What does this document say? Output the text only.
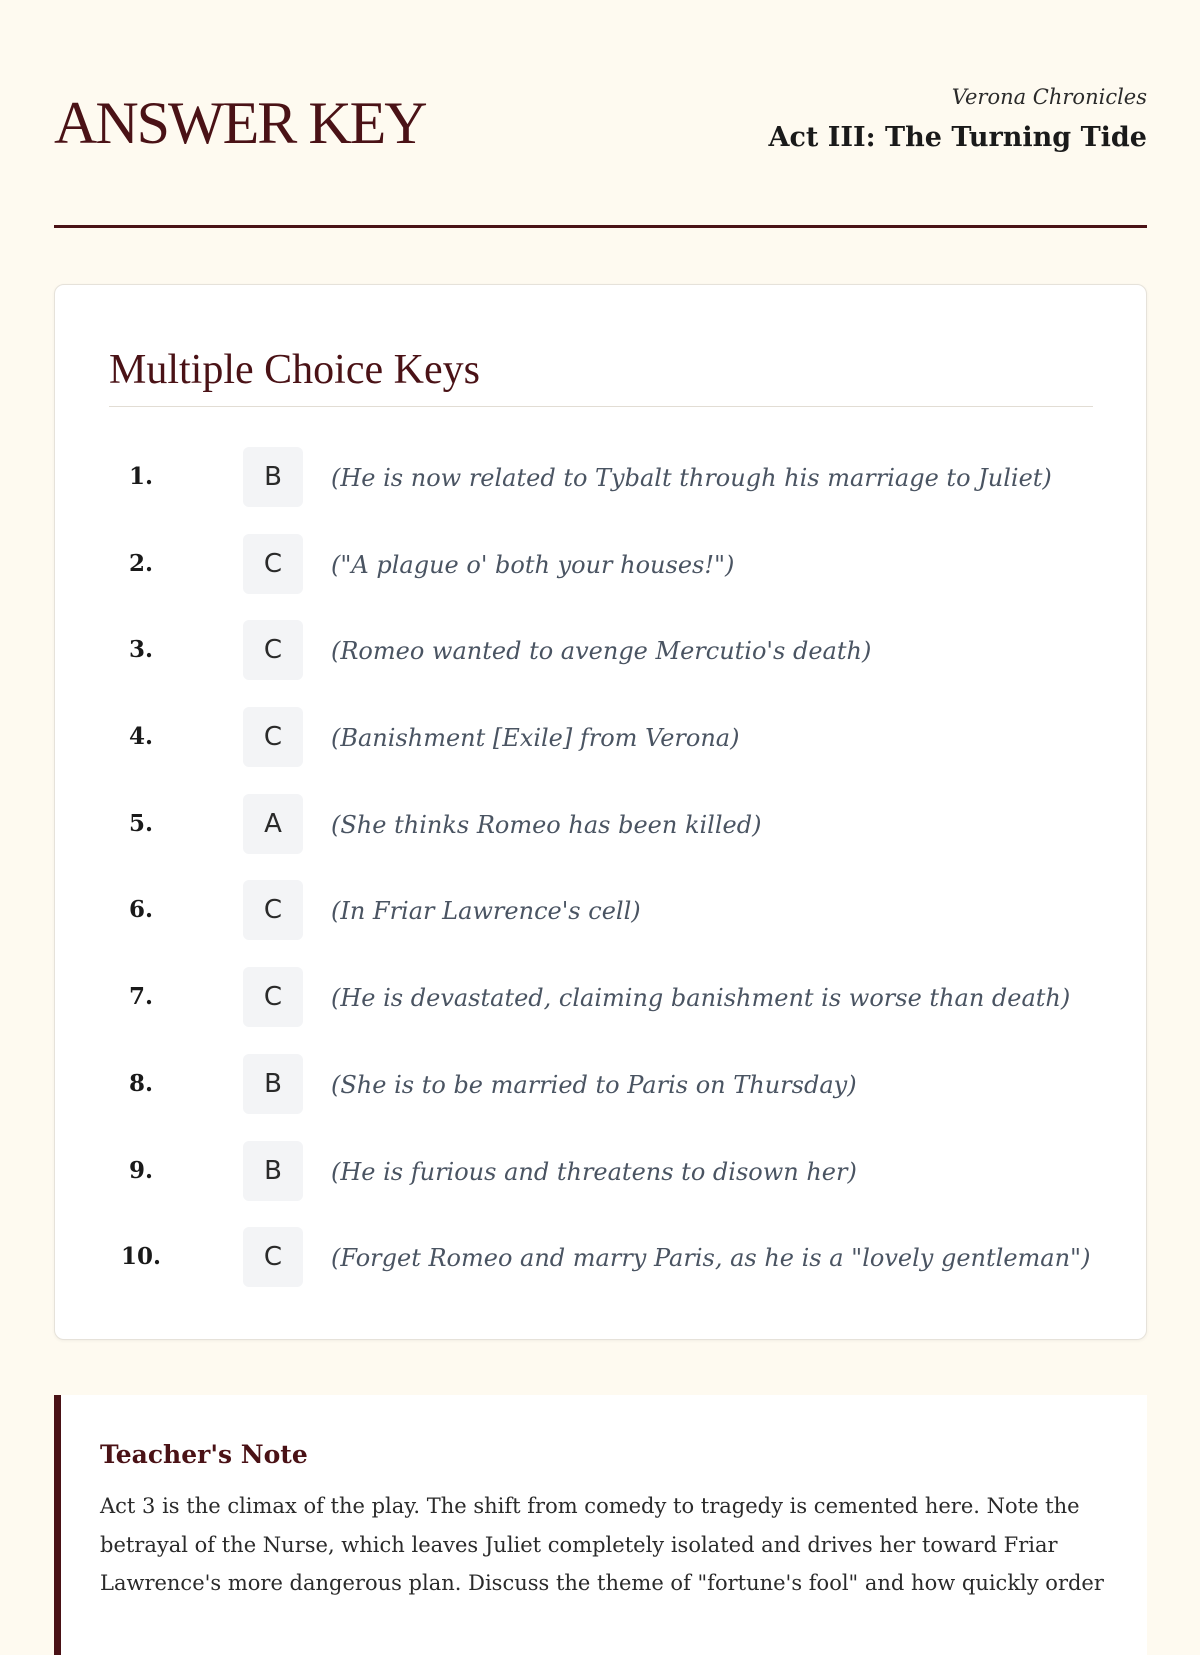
ANSWER KEY	Verona Chronicles
Act III: The Turning Tide
Multiple Choice Keys
1.	B	(He is now related to Tybalt through his marriage to Juliet)
2.	C	("A plague o' both your houses!")
3.	C	(Romeo wanted to avenge Mercutio's death)
4.	C	(Banishment [Exile] from Verona)
5.	A	(She thinks Romeo has been killed)
6.	C	(In Friar Lawrence's cell)
7.	C	(He is devastated, claiming banishment is worse than death)
8.	B	(She is to be married to Paris on Thursday)
9.	B	(He is furious and threatens to disown her)
10.	C	(Forget Romeo and marry Paris, as he is a "lovely gentleman")
Teacher's Note

Act 3 is the climax of the play. The shift from comedy to tragedy is cemented here. Note the betrayal of the Nurse, which leaves Juliet completely isolated and drives her toward Friar Lawrence's more dangerous plan. Discuss the theme of "fortune's fool" and how quickly order
